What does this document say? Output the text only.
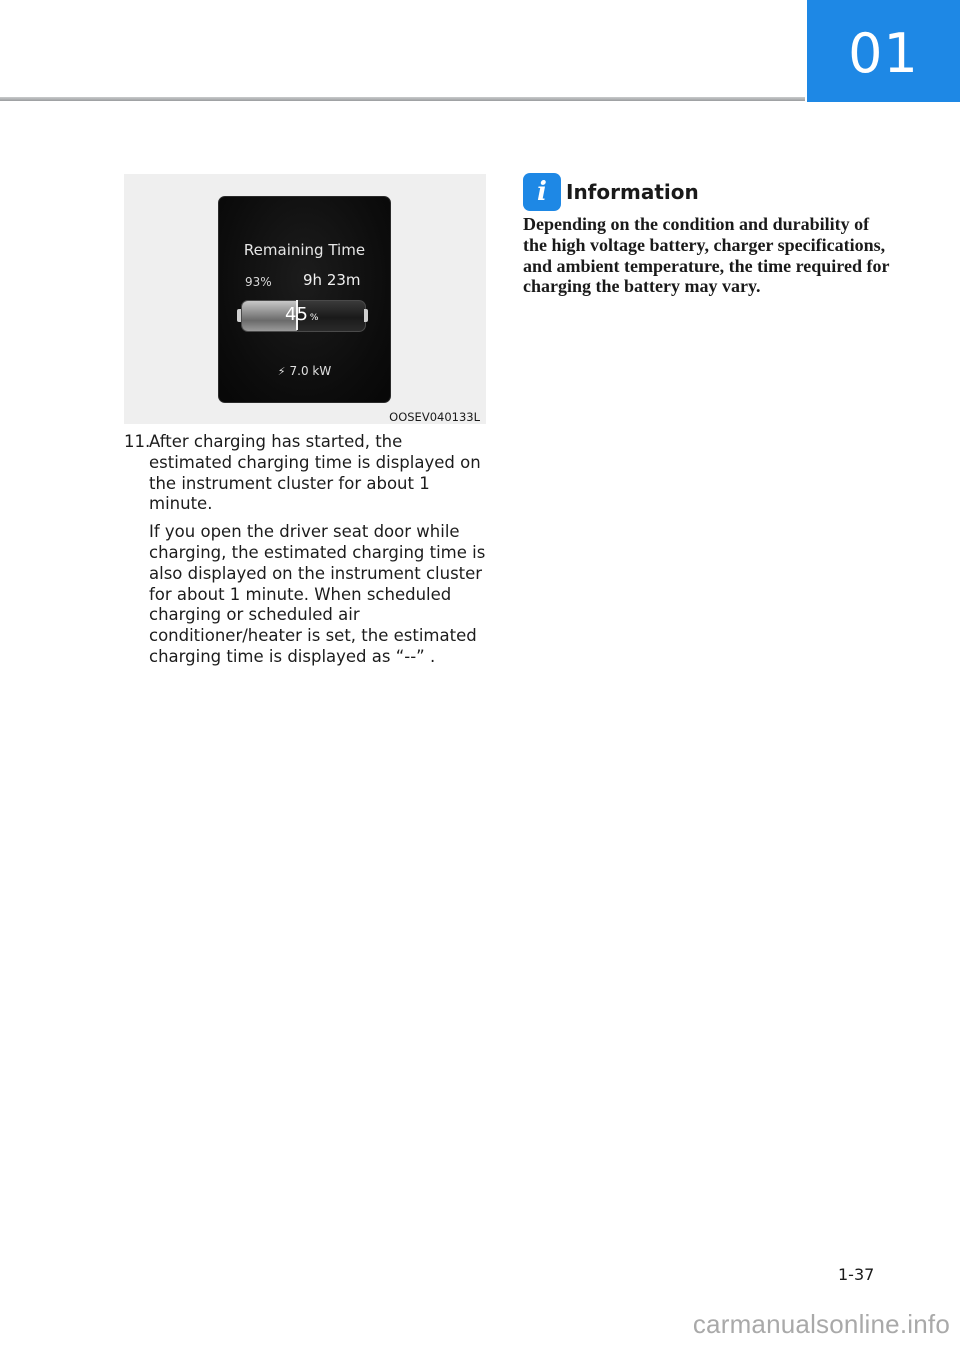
01
Remaining Time
93% 9h 23m
45 %
⚡︎ 7.0 kW
OOSEV040133L
11.

After charging has started, the estimated charging time is displayed on the instrument cluster for about 1 minute.

If you open the driver seat door while charging, the estimated charging time is also displayed on the instrument cluster for about 1 minute. When scheduled charging or scheduled air conditioner/heater is set, the estimated charging time is displayed as “--” .

i Information

Depending on the condition and durability of the high voltage battery, charger specifications, and ambient temperature, the time required for charging the battery may vary.

1-37
carmanualsonline.info
